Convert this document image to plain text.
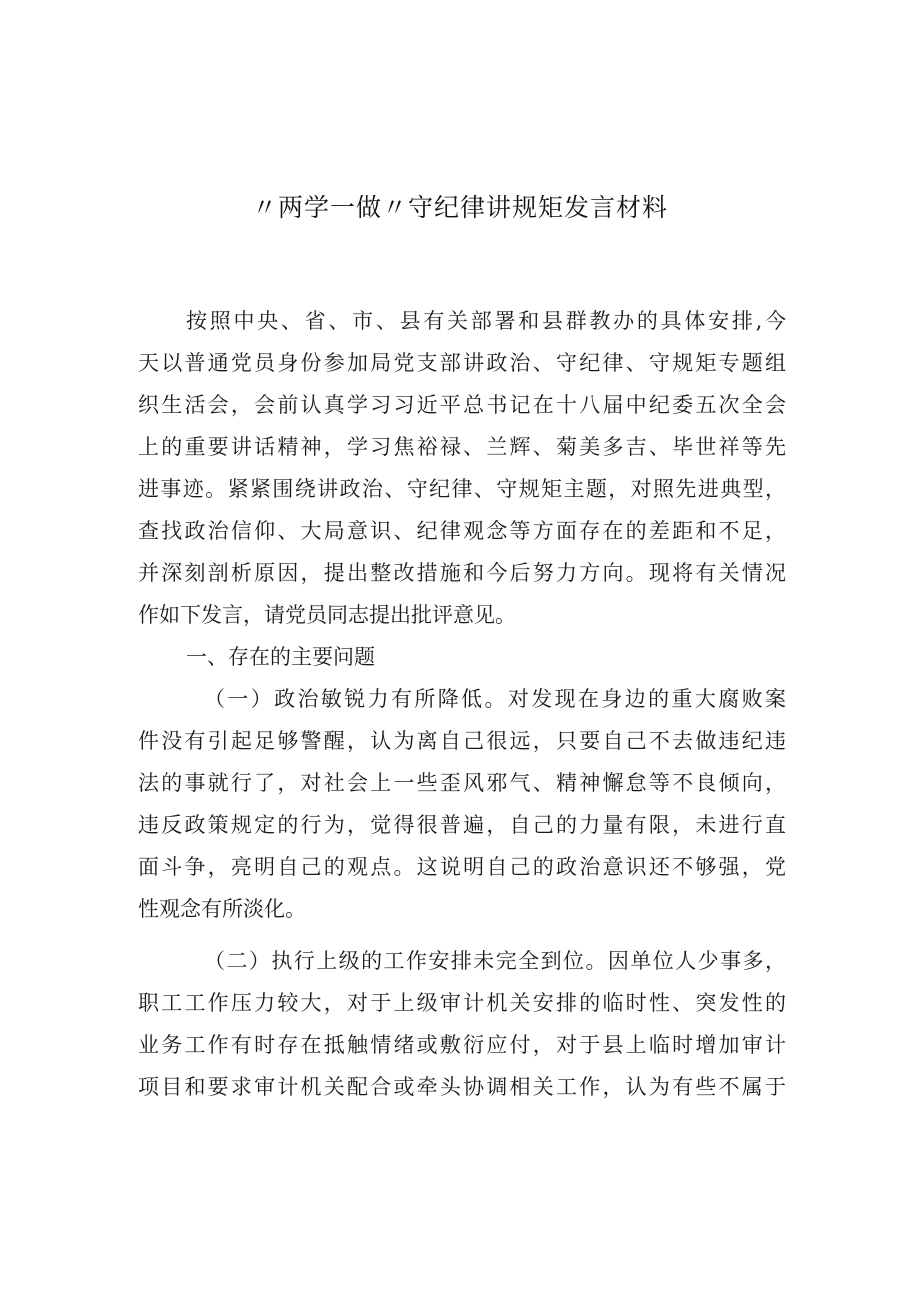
〃两学一做〃守纪律讲规矩发言材料
按照中央、省、市、县有关部署和县群教办的具体安排,今
天以普通党员身份参加局党支部讲政治、守纪律、守规矩专题组
织生活会，会前认真学习习近平总书记在十八届中纪委五次全会
上的重要讲话精神，学习焦裕禄、兰辉、菊美多吉、毕世祥等先
进事迹。紧紧围绕讲政治、守纪律、守规矩主题，对照先进典型，
查找政治信仰、大局意识、纪律观念等方面存在的差距和不足，
并深刻剖析原因，提出整改措施和今后努力方向。现将有关情况
作如下发言，请党员同志提出批评意见。
一、存在的主要问题
（一）政治敏锐力有所降低。对发现在身边的重大腐败案
件没有引起足够警醒，认为离自己很远，只要自己不去做违纪违
法的事就行了，对社会上一些歪风邪气、精神懈怠等不良倾向，
违反政策规定的行为，觉得很普遍，自己的力量有限，未进行直
面斗争，亮明自己的观点。这说明自己的政治意识还不够强，党
性观念有所淡化。
（二）执行上级的工作安排未完全到位。因单位人少事多，
职工工作压力较大，对于上级审计机关安排的临时性、突发性的
业务工作有时存在抵触情绪或敷衍应付，对于县上临时增加审计
项目和要求审计机关配合或牵头协调相关工作，认为有些不属于
